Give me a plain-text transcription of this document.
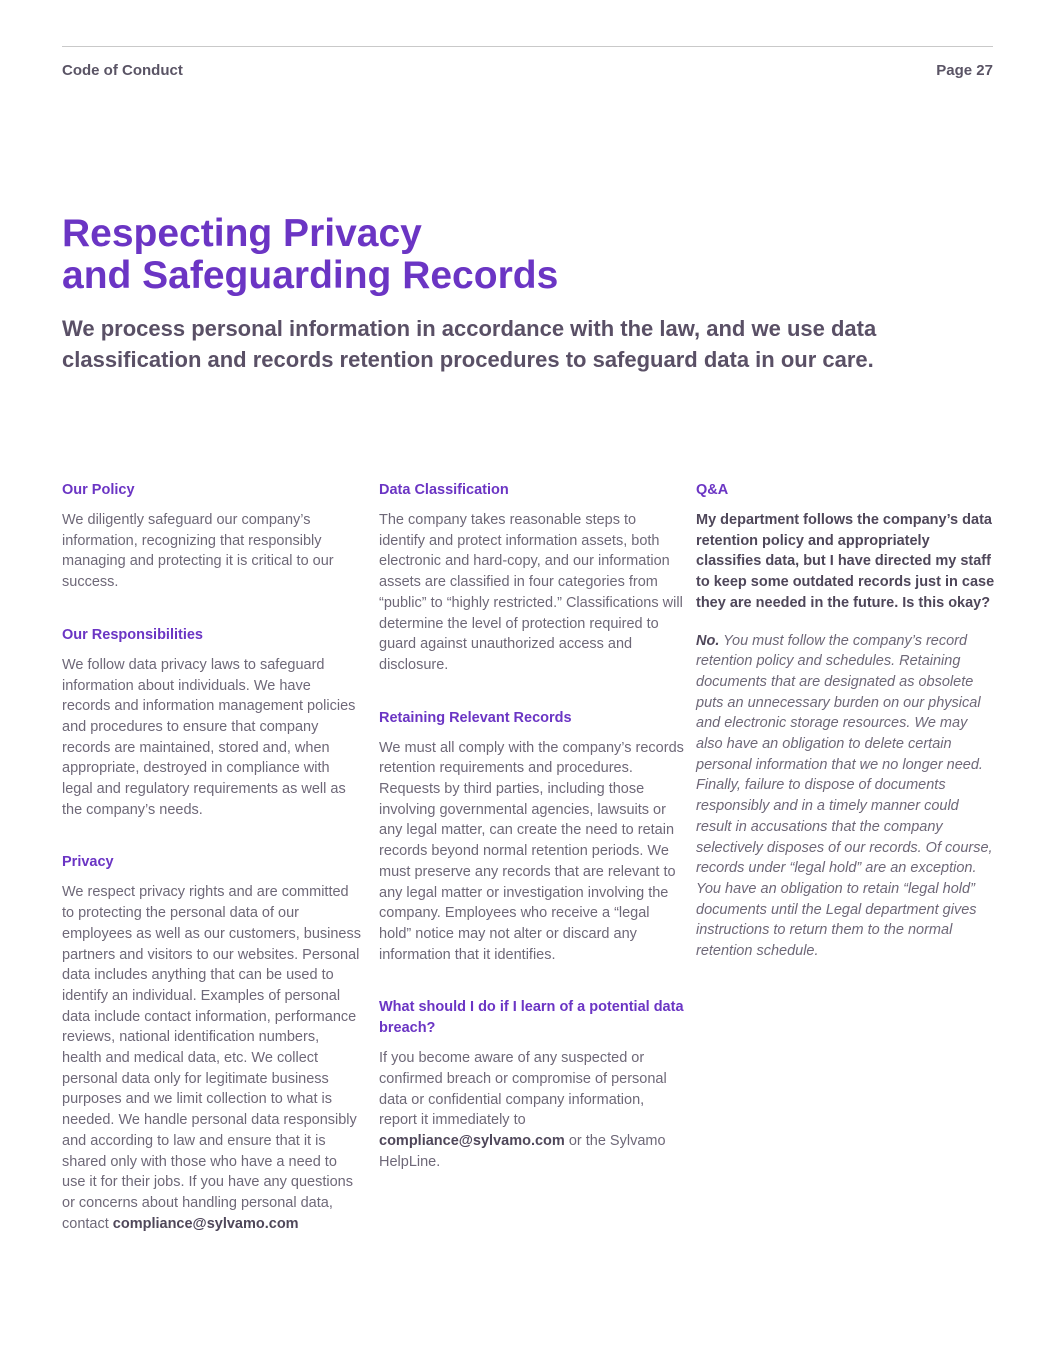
Code of Conduct	Page 27
Respecting Privacy
and Safeguarding Records

We process personal information in accordance with the law, and we use data classification and records retention procedures to safeguard data in our care.

Our Policy

We diligently safeguard our company’s information, recognizing that responsibly managing and protecting it is critical to our success.

Our Responsibilities

We follow data privacy laws to safeguard information about individuals. We have records and information management policies and procedures to ensure that company records are maintained, stored and, when appropriate, destroyed in compliance with legal and regulatory requirements as well as the company’s needs.

Privacy

We respect privacy rights and are committed to protecting the personal data of our employees as well as our customers, business partners and visitors to our websites. Personal data includes anything that can be used to identify an individual. Examples of personal data include contact information, performance reviews, national identification numbers, health and medical data, etc. We collect personal data only for legitimate business purposes and we limit collection to what is needed. We handle personal data responsibly and according to law and ensure that it is shared only with those who have a need to use it for their jobs. If you have any questions or concerns about handling personal data, contact compliance@sylvamo.com

Data Classification

The company takes reasonable steps to identify and protect information assets, both electronic and hard-copy, and our information assets are classified in four categories from “public” to “highly restricted.” Classifications will determine the level of protection required to guard against unauthorized access and disclosure.

Retaining Relevant Records

We must all comply with the company’s records retention requirements and procedures. Requests by third parties, including those involving governmental agencies, lawsuits or any legal matter, can create the need to retain records beyond normal retention periods. We must preserve any records that are relevant to any legal matter or investigation involving the company. Employees who receive a “legal hold” notice may not alter or discard any information that it identifies.

What should I do if I learn of a potential data breach?

If you become aware of any suspected or confirmed breach or compromise of personal data or confidential company information, report it immediately to compliance@sylvamo.com or the Sylvamo HelpLine.

Q&A

My department follows the company’s data retention policy and appropriately classifies data, but I have directed my staff to keep some outdated records just in case they are needed in the future. Is this okay?

No. You must follow the company’s record retention policy and schedules. Retaining documents that are designated as obsolete puts an unnecessary burden on our physical and electronic storage resources. We may also have an obligation to delete certain personal information that we no longer need. Finally, failure to dispose of documents responsibly and in a timely manner could result in accusations that the company selectively disposes of our records. Of course, records under “legal hold” are an exception. You have an obligation to retain “legal hold” documents until the Legal department gives instructions to return them to the normal retention schedule.
